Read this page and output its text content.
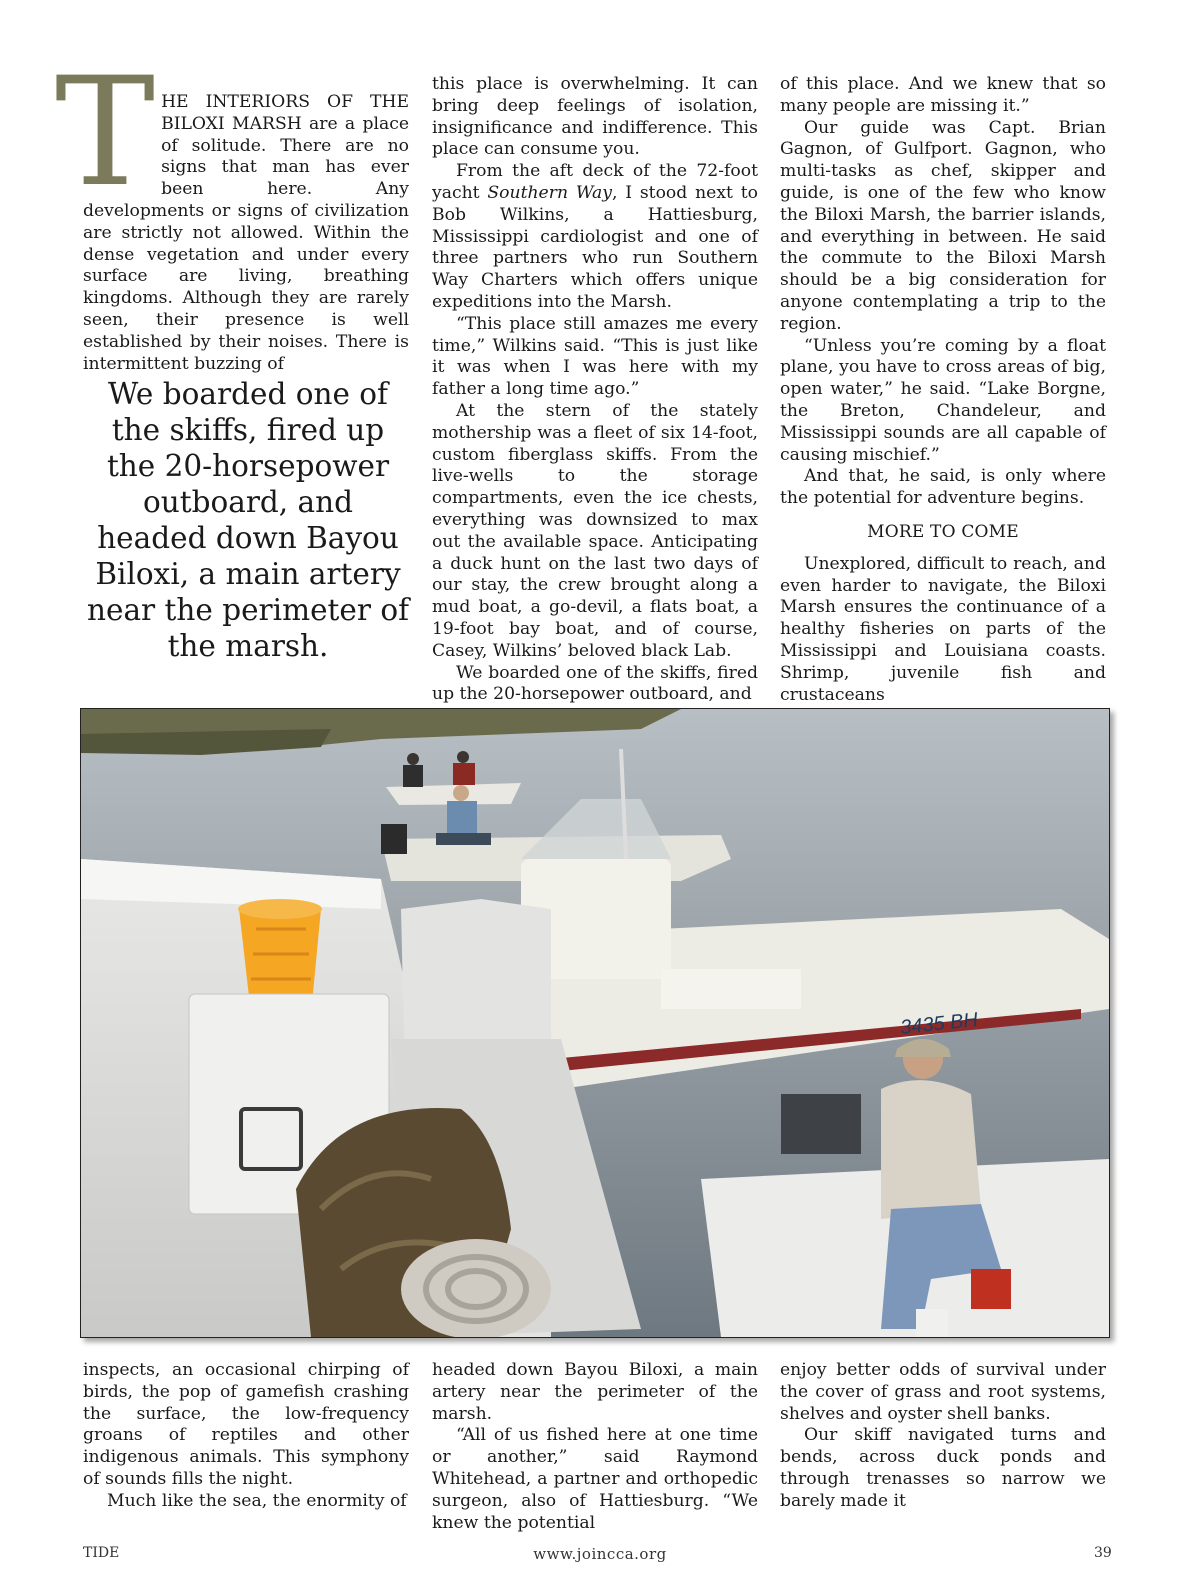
T HE INTERIORS OF THE BILOXI MARSH are a place of solitude. There are no signs that man has ever been here. Any developments or signs of civilization are strictly not allowed. Within the dense vegetation and under every surface are living, breathing kingdoms. Although they are rarely seen, their presence is well established by their noises. There is intermittent buzzing of

We boarded one of the skiffs, fired up the 20-horsepower outboard, and headed down Bayou Biloxi, a main artery near the perimeter of the marsh.

this place is overwhelming. It can bring deep feelings of isolation, insignificance and indifference. This place can consume you.

From the aft deck of the 72-foot yacht Southern Way, I stood next to Bob Wilkins, a Hattiesburg, Mississippi cardiologist and one of three partners who run Southern Way Charters which offers unique expeditions into the Marsh.

“This place still amazes me every time,” Wilkins said. “This is just like it was when I was here with my father a long time ago.”

At the stern of the stately mothership was a fleet of six 14-foot, custom fiberglass skiffs. From the live-wells to the storage compartments, even the ice chests, everything was downsized to max out the available space. Anticipating a duck hunt on the last two days of our stay, the crew brought along a mud boat, a go-devil, a flats boat, a 19-foot bay boat, and of course, Casey, Wilkins’ beloved black Lab.

We boarded one of the skiffs, fired up the 20-horsepower outboard, and

of this place. And we knew that so many people are missing it.”

Our guide was Capt. Brian Gagnon, of Gulfport. Gagnon, who multi-tasks as chef, skipper and guide, is one of the few who know the Biloxi Marsh, the barrier islands, and everything in between. He said the commute to the Biloxi Marsh should be a big consideration for anyone contemplating a trip to the region.

“Unless you’re coming by a float plane, you have to cross areas of big, open water,” he said. “Lake Borgne, the Breton, Chandeleur, and Mississippi sounds are all capable of causing mischief.”

And that, he said, is only where the potential for adventure begins.

MORE TO COME

Unexplored, difficult to reach, and even harder to navigate, the Biloxi Marsh ensures the continuance of a healthy fisheries on parts of the Mississippi and Louisiana coasts. Shrimp, juvenile fish and crustaceans

3435 BH

inspects, an occasional chirping of birds, the pop of gamefish crashing the surface, the low-frequency groans of reptiles and other indigenous animals. This symphony of sounds fills the night.

Much like the sea, the enormity of

headed down Bayou Biloxi, a main artery near the perimeter of the marsh.

“All of us fished here at one time or another,” said Raymond Whitehead, a partner and orthopedic surgeon, also of Hattiesburg. “We knew the potential

enjoy better odds of survival under the cover of grass and root systems, shelves and oyster shell banks.

Our skiff navigated turns and bends, across duck ponds and through trenasses so narrow we barely made it

TIDE	www.joincca.org	39
